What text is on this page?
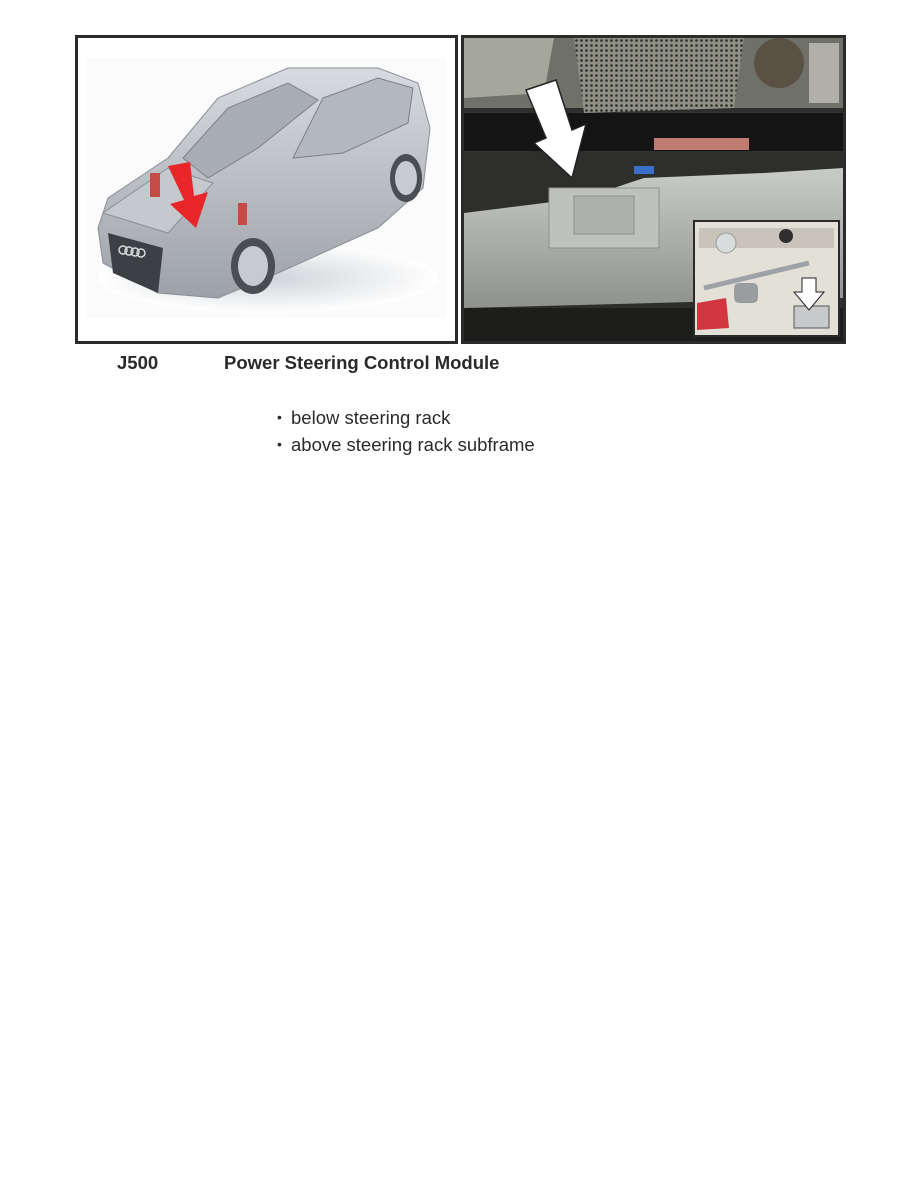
J500	Power Steering Control Module
• below steering rack
• above steering rack subframe
